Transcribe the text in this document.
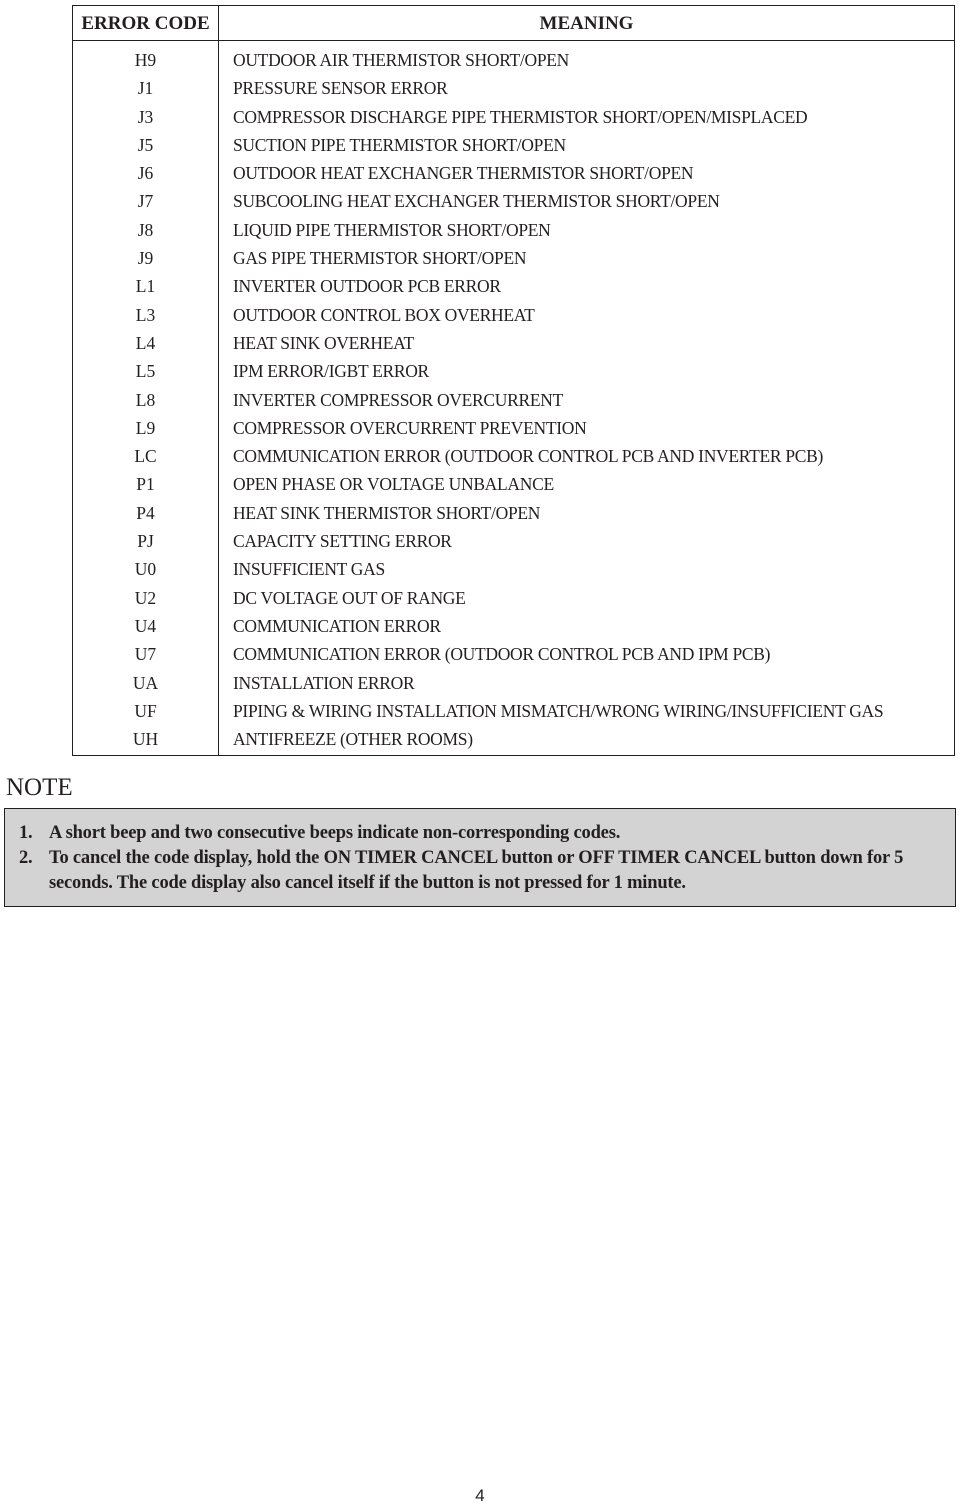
ERROR CODE	MEANING
H9
J1
J3
J5
J6
J7
J8
J9
L1
L3
L4
L5
L8
L9
LC
P1
P4
PJ
U0
U2
U4
U7
UA
UF
UH
OUTDOOR AIR THERMISTOR SHORT/OPEN
PRESSURE SENSOR ERROR
COMPRESSOR DISCHARGE PIPE THERMISTOR SHORT/OPEN/MISPLACED
SUCTION PIPE THERMISTOR SHORT/OPEN
OUTDOOR HEAT EXCHANGER THERMISTOR SHORT/OPEN
SUBCOOLING HEAT EXCHANGER THERMISTOR SHORT/OPEN
LIQUID PIPE THERMISTOR SHORT/OPEN
GAS PIPE THERMISTOR SHORT/OPEN
INVERTER OUTDOOR PCB ERROR
OUTDOOR CONTROL BOX OVERHEAT
HEAT SINK OVERHEAT
IPM ERROR/IGBT ERROR
INVERTER COMPRESSOR OVERCURRENT
COMPRESSOR OVERCURRENT PREVENTION
COMMUNICATION ERROR (OUTDOOR CONTROL PCB AND INVERTER PCB)
OPEN PHASE OR VOLTAGE UNBALANCE
HEAT SINK THERMISTOR SHORT/OPEN
CAPACITY SETTING ERROR
INSUFFICIENT GAS
DC VOLTAGE OUT OF RANGE
COMMUNICATION ERROR
COMMUNICATION ERROR (OUTDOOR CONTROL PCB AND IPM PCB)
INSTALLATION ERROR
PIPING & WIRING INSTALLATION MISMATCH/WRONG WIRING/INSUFFICIENT GAS
ANTIFREEZE (OTHER ROOMS)
NOTE
1. A short beep and two consecutive beeps indicate non-corresponding codes.
2. To cancel the code display, hold the ON TIMER CANCEL button or OFF TIMER CANCEL button down for 5 seconds. The code display also cancel itself if the button is not pressed for 1 minute.
4
